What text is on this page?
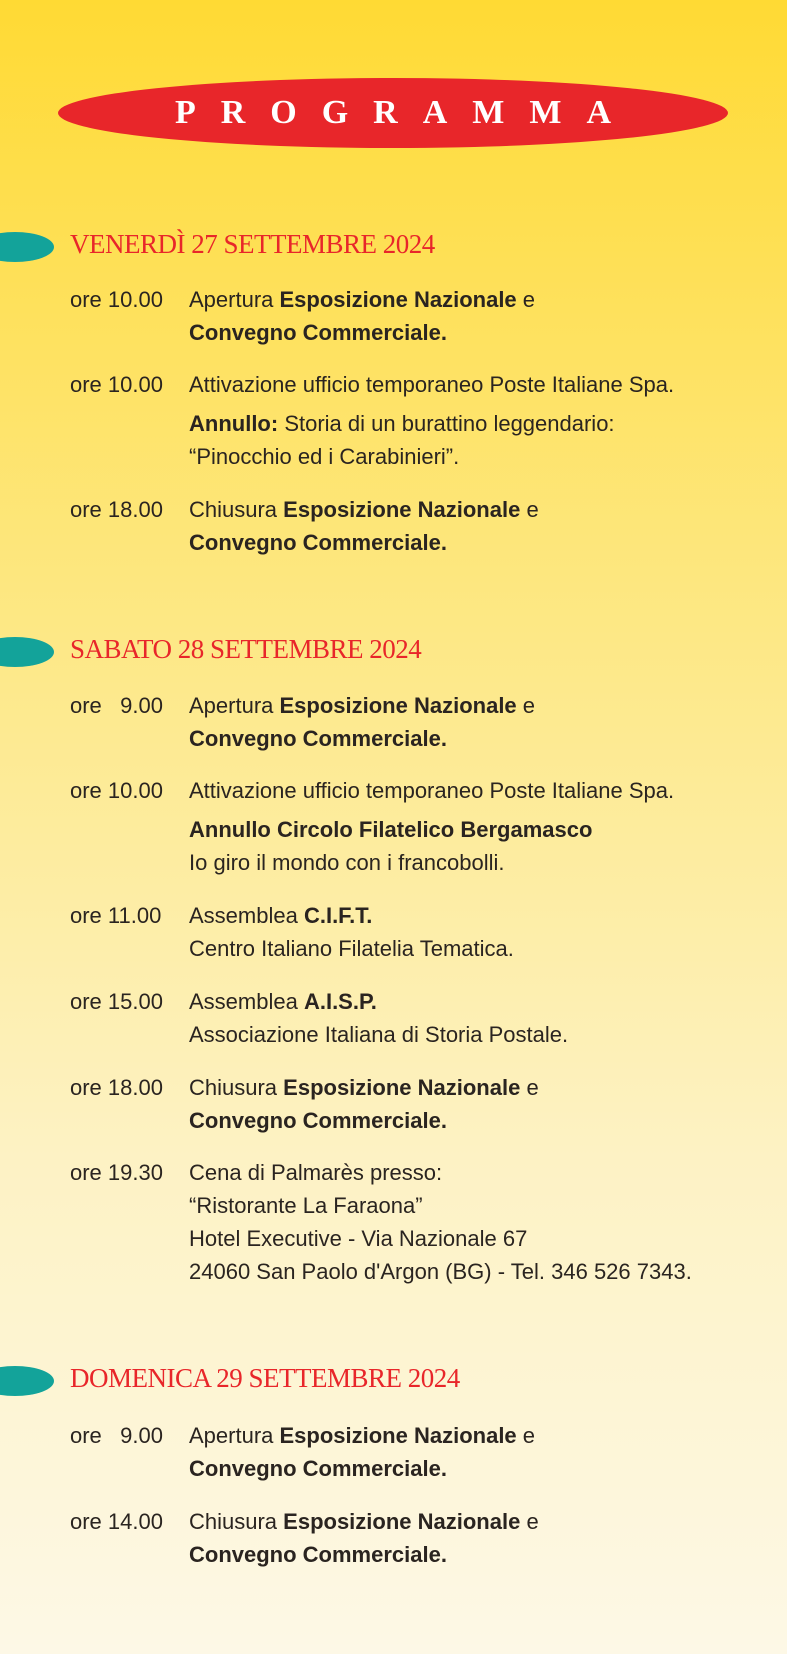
PROGRAMMA
VENERDÌ 27 SETTEMBRE 2024
ore 10.00 Apertura Esposizione Nazionale e
Convegno Commerciale.
ore 10.00 Attivazione ufficio temporaneo Poste Italiane Spa.
Annullo: Storia di un burattino leggendario:
“Pinocchio ed i Carabinieri”.
ore 18.00 Chiusura Esposizione Nazionale e
Convegno Commerciale.
SABATO 28 SETTEMBRE 2024
ore   9.00 Apertura Esposizione Nazionale e
Convegno Commerciale.
ore 10.00 Attivazione ufficio temporaneo Poste Italiane Spa.
Annullo Circolo Filatelico Bergamasco
Io giro il mondo con i francobolli.
ore 11.00 Assemblea C.I.F.T.
Centro Italiano Filatelia Tematica.
ore 15.00 Assemblea A.I.S.P.
Associazione Italiana di Storia Postale.
ore 18.00 Chiusura Esposizione Nazionale e
Convegno Commerciale.
ore 19.30 Cena di Palmarès presso:
“Ristorante La Faraona”
Hotel Executive - Via Nazionale 67
24060 San Paolo d'Argon (BG) - Tel. 346 526 7343.
DOMENICA 29 SETTEMBRE 2024
ore   9.00 Apertura Esposizione Nazionale e
Convegno Commerciale.
ore 14.00 Chiusura Esposizione Nazionale e
Convegno Commerciale.
